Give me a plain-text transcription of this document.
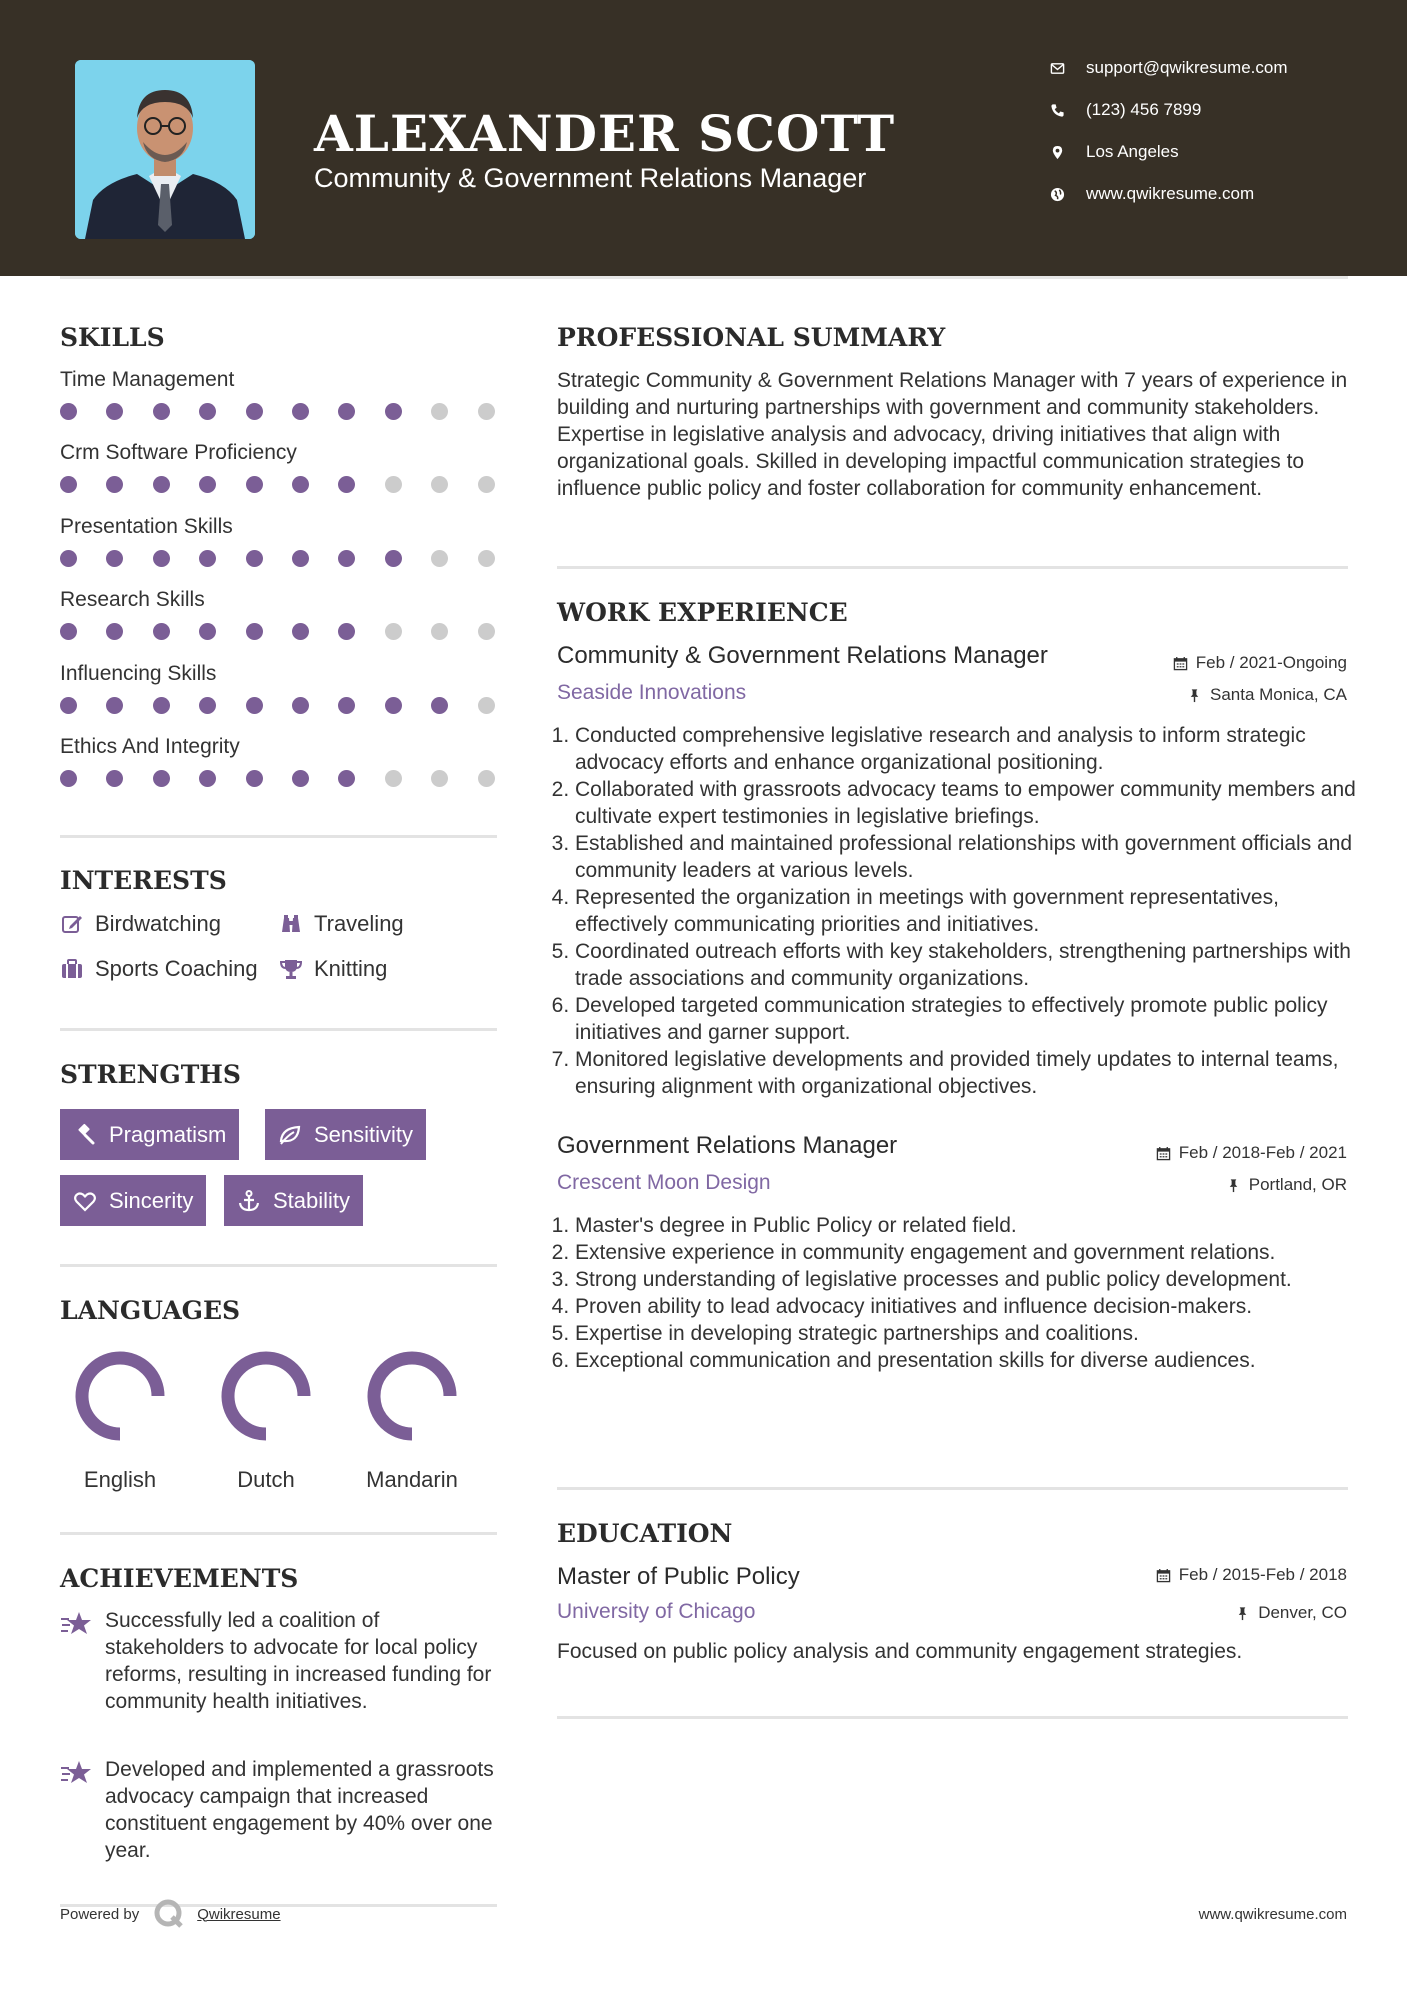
ALEXANDER SCOTT
Community & Government Relations Manager
support@qwikresume.com
(123) 456 7899
Los Angeles
www.qwikresume.com
SKILLS
Time Management
Crm Software Proficiency
Presentation Skills
Research Skills
Influencing Skills
Ethics And Integrity
INTERESTS
Birdwatching	Traveling
Sports Coaching	Knitting
STRENGTHS
Pragmatism	Sensitivity
Sincerity	Stability
LANGUAGES
English	Dutch	Mandarin
ACHIEVEMENTS
Successfully led a coalition of stakeholders to advocate for local policy reforms, resulting in increased funding for community health initiatives.
Developed and implemented a grassroots advocacy campaign that increased constituent engagement by 40% over one year.
PROFESSIONAL SUMMARY
Strategic Community & Government Relations Manager with 7 years of experience in building and nurturing partnerships with government and community stakeholders. Expertise in legislative analysis and advocacy, driving initiatives that align with organizational goals. Skilled in developing impactful communication strategies to influence public policy and foster collaboration for community enhancement.
WORK EXPERIENCE
Community & Government Relations Manager	Feb / 2021-Ongoing
Seaside Innovations	Santa Monica, CA
1. Conducted comprehensive legislative research and analysis to inform strategic advocacy efforts and enhance organizational positioning.
2. Collaborated with grassroots advocacy teams to empower community members and cultivate expert testimonies in legislative briefings.
3. Established and maintained professional relationships with government officials and community leaders at various levels.
4. Represented the organization in meetings with government representatives, effectively communicating priorities and initiatives.
5. Coordinated outreach efforts with key stakeholders, strengthening partnerships with trade associations and community organizations.
6. Developed targeted communication strategies to effectively promote public policy initiatives and garner support.
7. Monitored legislative developments and provided timely updates to internal teams, ensuring alignment with organizational objectives.
Government Relations Manager	Feb / 2018-Feb / 2021
Crescent Moon Design	Portland, OR
1. Master's degree in Public Policy or related field.
2. Extensive experience in community engagement and government relations.
3. Strong understanding of legislative processes and public policy development.
4. Proven ability to lead advocacy initiatives and influence decision-makers.
5. Expertise in developing strategic partnerships and coalitions.
6. Exceptional communication and presentation skills for diverse audiences.
EDUCATION
Master of Public Policy	Feb / 2015-Feb / 2018
University of Chicago	Denver, CO
Focused on public policy analysis and community engagement strategies.
Powered by	Qwikresume	www.qwikresume.com
